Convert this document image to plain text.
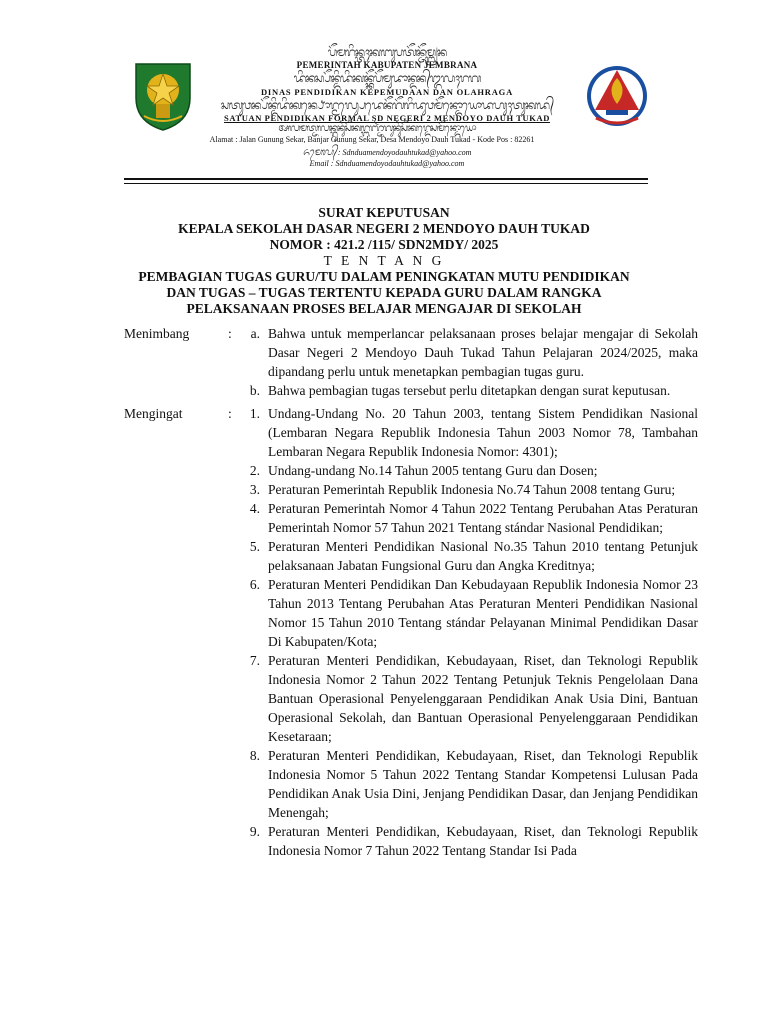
ᬧᭂᬫᬭᬶᬦ᭄ᬢᬄᬓᬩᬸᬧᬢᭂᬦ᭄ᬚᭂᬫ᭄ᬩ᭄ᬭᬦ
PEMERINTAH KABUPATEN JEMBRANA
ᬤᬶᬦᬲ᭄ᬧᭂᬦ᭄ᬤᬶᬤᬶᬓᬦ᭄ᬓᭂᬧᭂᬫᬸᬤᬵᬦ᭄ᬤᬦ᭄ᬑᬮᬄᬭᬕ
DINAS PENDIDIKAN KEPEMUDAAN DAN OLAHRAGA
ᬲᬢᬸᬯᬦ᭄ᬧᭂᬦ᭄ᬤᬶᬤᬶᬓᬦ᭄ᬨᭀᬭ᭄ᬫᬮ᭄ᬲᬾᬤᬾᬦᭂᬕᭂᬭᬶᬤᬸᬯᬫᭂᬦ᭄ᬤᭀᬬᭀᬤᬳᬸᬄᬢᬸᬓᬤ᭄
SATUAN PENDIDIKAN FORMAL SD NEGERI 2 MENDOYO DAUH TUKAD
ᬅᬮᬫᬢ᭄ᬚᬮᬦ᭄ᬕᬸᬦᬸᬂᬲᭂᬓᬭ᭄ᬩᬜ᭄ᬚᬃᬕᬸᬦᬸᬂᬲᭂᬓᬭ᭄ᬤᬾᬲᬫᭂᬦ᭄ᬤᭀᬬᭀ
Alamat : Jalan Gunung Sekar, Banjar Gunung Sekar, Desa Mendoyo Dauh Tukad - Kode Pos : 82261
ᬏᬫᬾᬮ᭄ : Sdnduamendoyodauhtukad@yahoo.com
Email : Sdnduamendoyodauhtukad@yahoo.com
SURAT KEPUTUSAN
KEPALA SEKOLAH DASAR NEGERI 2 MENDOYO DAUH TUKAD
NOMOR : 421.2 /115/ SDN2MDY/ 2025
T E N T A N G
PEMBAGIAN TUGAS GURU/TU DALAM PENINGKATAN MUTU PENDIDIKAN
DAN TUGAS – TUGAS TERTENTU KEPADA GURU DALAM RANGKA
PELAKSANAAN PROSES BELAJAR MENGAJAR DI SEKOLAH
Menimbang	:	a. Bahwa untuk memperlancar pelaksanaan proses belajar mengajar di Sekolah Dasar Negeri 2 Mendoyo Dauh Tukad Tahun Pelajaran 2024/2025, maka dipandang perlu untuk menetapkan pembagian tugas guru.
b. Bahwa pembagian tugas tersebut perlu ditetapkan dengan surat keputusan.
Mengingat	:	1. Undang-Undang No. 20 Tahun 2003, tentang Sistem Pendidikan Nasional (Lembaran Negara Republik Indonesia Tahun 2003 Nomor 78, Tambahan Lembaran Negara Republik Indonesia Nomor: 4301);
2. Undang-undang No.14 Tahun 2005 tentang Guru dan Dosen;
3. Peraturan Pemerintah Republik Indonesia No.74 Tahun 2008 tentang Guru;
4. Peraturan Pemerintah Nomor 4 Tahun 2022 Tentang Perubahan Atas Peraturan Pemerintah Nomor 57 Tahun 2021 Tentang stándar Nasional Pendidikan;
5. Peraturan Menteri Pendidikan Nasional No.35 Tahun 2010 tentang Petunjuk pelaksanaan Jabatan Fungsional Guru dan Angka Kreditnya;
6. Peraturan Menteri Pendidikan Dan Kebudayaan Republik Indonesia Nomor 23 Tahun 2013 Tentang Perubahan Atas Peraturan Menteri Pendidikan Nasional Nomor 15 Tahun 2010 Tentang stándar Pelayanan Minimal Pendidikan Dasar Di Kabupaten/Kota;
7. Peraturan Menteri Pendidikan, Kebudayaan, Riset, dan Teknologi Republik Indonesia Nomor 2 Tahun 2022 Tentang Petunjuk Teknis Pengelolaan Dana Bantuan Operasional Penyelenggaraan Pendidikan Anak Usia Dini, Bantuan Operasional Sekolah, dan Bantuan Operasional Penyelenggaraan Pendidikan Kesetaraan;
8. Peraturan Menteri Pendidikan, Kebudayaan, Riset, dan Teknologi Republik Indonesia Nomor 5 Tahun 2022 Tentang Standar Kompetensi Lulusan Pada Pendidikan Anak Usia Dini, Jenjang Pendidikan Dasar, dan Jenjang Pendidikan Menengah;
9. Peraturan Menteri Pendidikan, Kebudayaan, Riset, dan Teknologi Republik Indonesia Nomor 7 Tahun 2022 Tentang Standar Isi Pada
